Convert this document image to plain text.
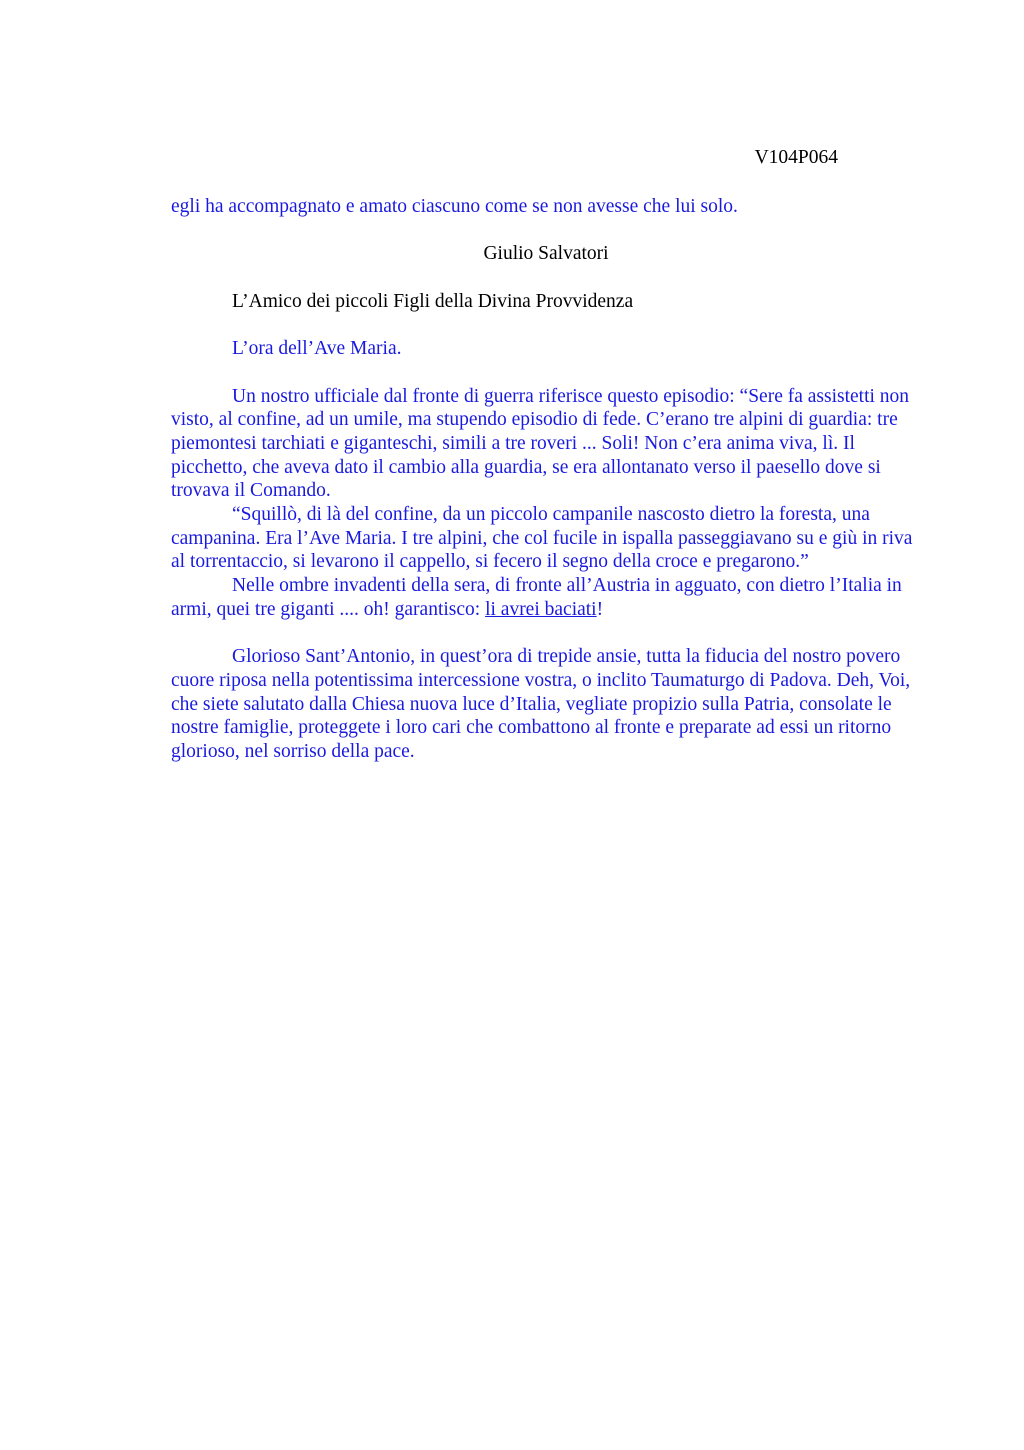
V104P064

egli ha accompagnato e amato ciascuno come se non avesse che lui solo.

Giulio Salvatori

L’Amico dei piccoli Figli della Divina Provvidenza

L’ora dell’Ave Maria.

Un nostro ufficiale dal fronte di guerra riferisce questo episodio: “Sere fa assistetti non visto, al confine, ad un umile, ma stupendo episodio di fede. C’erano tre alpini di guardia: tre piemontesi tarchiati e giganteschi, simili a tre roveri ... Soli! Non c’era anima viva, lì. Il picchetto, che aveva dato il cambio alla guardia, se era allontanato verso il paesello dove si trovava il Comando.

“Squillò, di là del confine, da un piccolo campanile nascosto dietro la foresta, una campanina. Era l’Ave Maria. I tre alpini, che col fucile in ispalla passeggiavano su e giù in riva al torrentaccio, si levarono il cappello, si fecero il segno della croce e pregarono.”

Nelle ombre invadenti della sera, di fronte all’Austria in agguato, con dietro l’Italia in armi, quei tre giganti .... oh! garantisco: li avrei baciati!

Glorioso Sant’Antonio, in quest’ora di trepide ansie, tutta la fiducia del nostro povero cuore riposa nella potentissima intercessione vostra, o inclito Taumaturgo di Padova. Deh, Voi, che siete salutato dalla Chiesa nuova luce d’Italia, vegliate propizio sulla Patria, consolate le nostre famiglie, proteggete i loro cari che combattono al fronte e preparate ad essi un ritorno glorioso, nel sorriso della pace.
